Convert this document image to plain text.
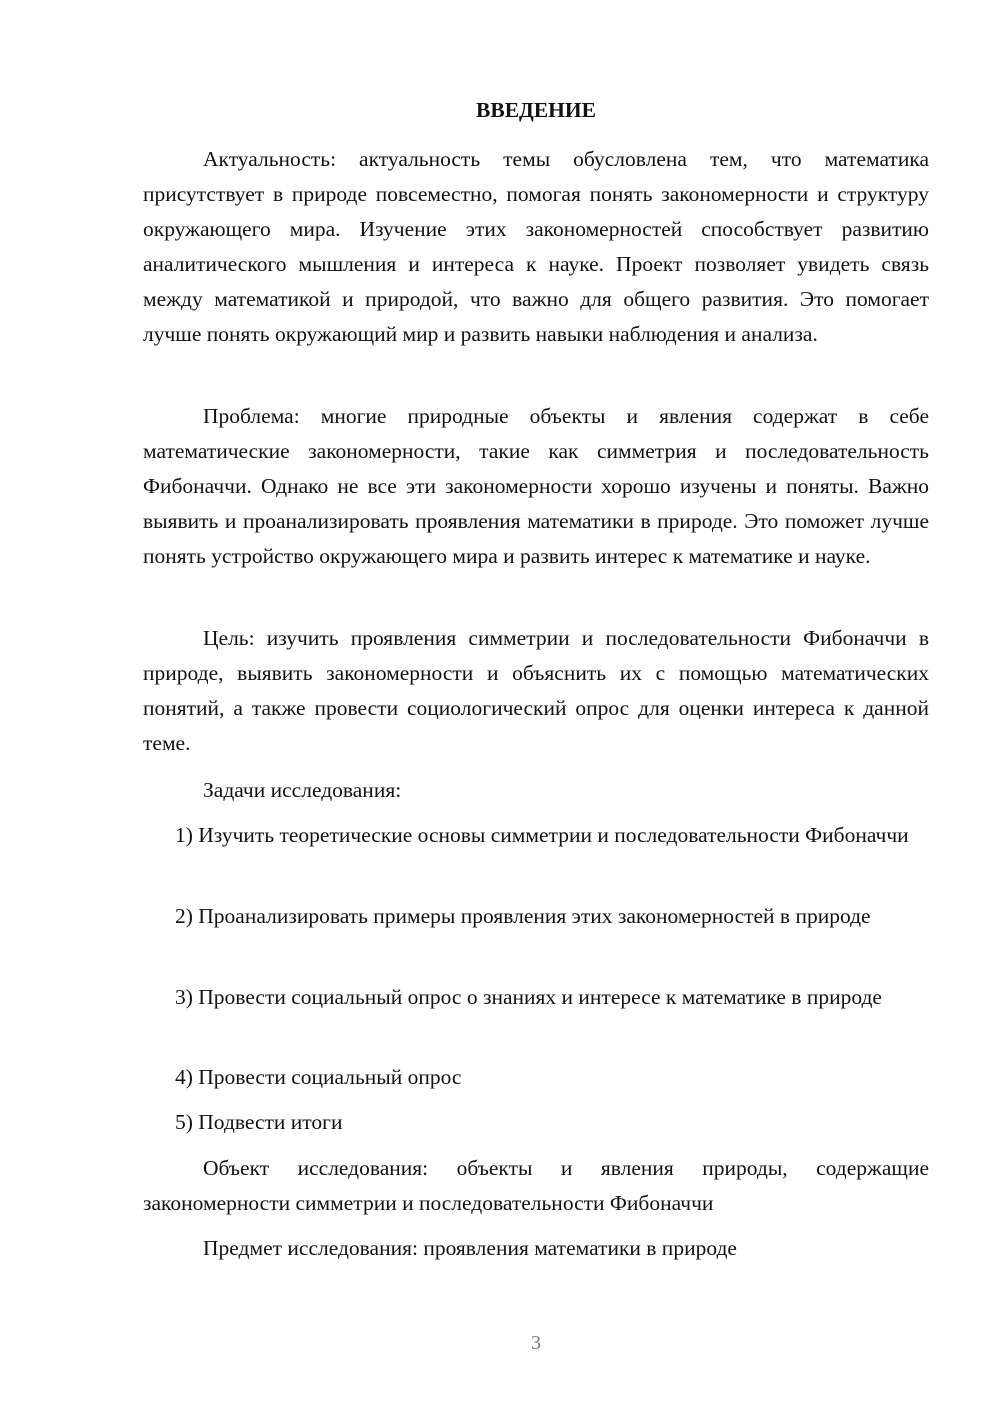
ВВЕДЕНИЕ

Актуальность: актуальность темы обусловлена тем, что математика присутствует в природе повсеместно, помогая понять закономерности и структуру окружающего мира. Изучение этих закономерностей способствует развитию аналитического мышления и интереса к науке. Проект позволяет увидеть связь между математикой и природой, что важно для общего развития. Это помогает лучше понять окружающий мир и развить навыки наблюдения и анализа.

Проблема: многие природные объекты и явления содержат в себе математические закономерности, такие как симметрия и последовательность Фибоначчи. Однако не все эти закономерности хорошо изучены и поняты. Важно выявить и проанализировать проявления математики в природе. Это поможет лучше понять устройство окружающего мира и развить интерес к математике и науке.

Цель: изучить проявления симметрии и последовательности Фибоначчи в природе, выявить закономерности и объяснить их с помощью математических понятий, а также провести социологический опрос для оценки интереса к данной теме.

Задачи исследования:

1) Изучить теоретические основы симметрии и последовательности Фибоначчи

2) Проанализировать примеры проявления этих закономерностей в природе

3) Провести социальный опрос о знаниях и интересе к математике в природе

4) Провести социальный опрос

5) Подвести итоги

Объект исследования: объекты и явления природы, содержащие закономерности симметрии и последовательности Фибоначчи

Предмет исследования: проявления математики в природе

3
